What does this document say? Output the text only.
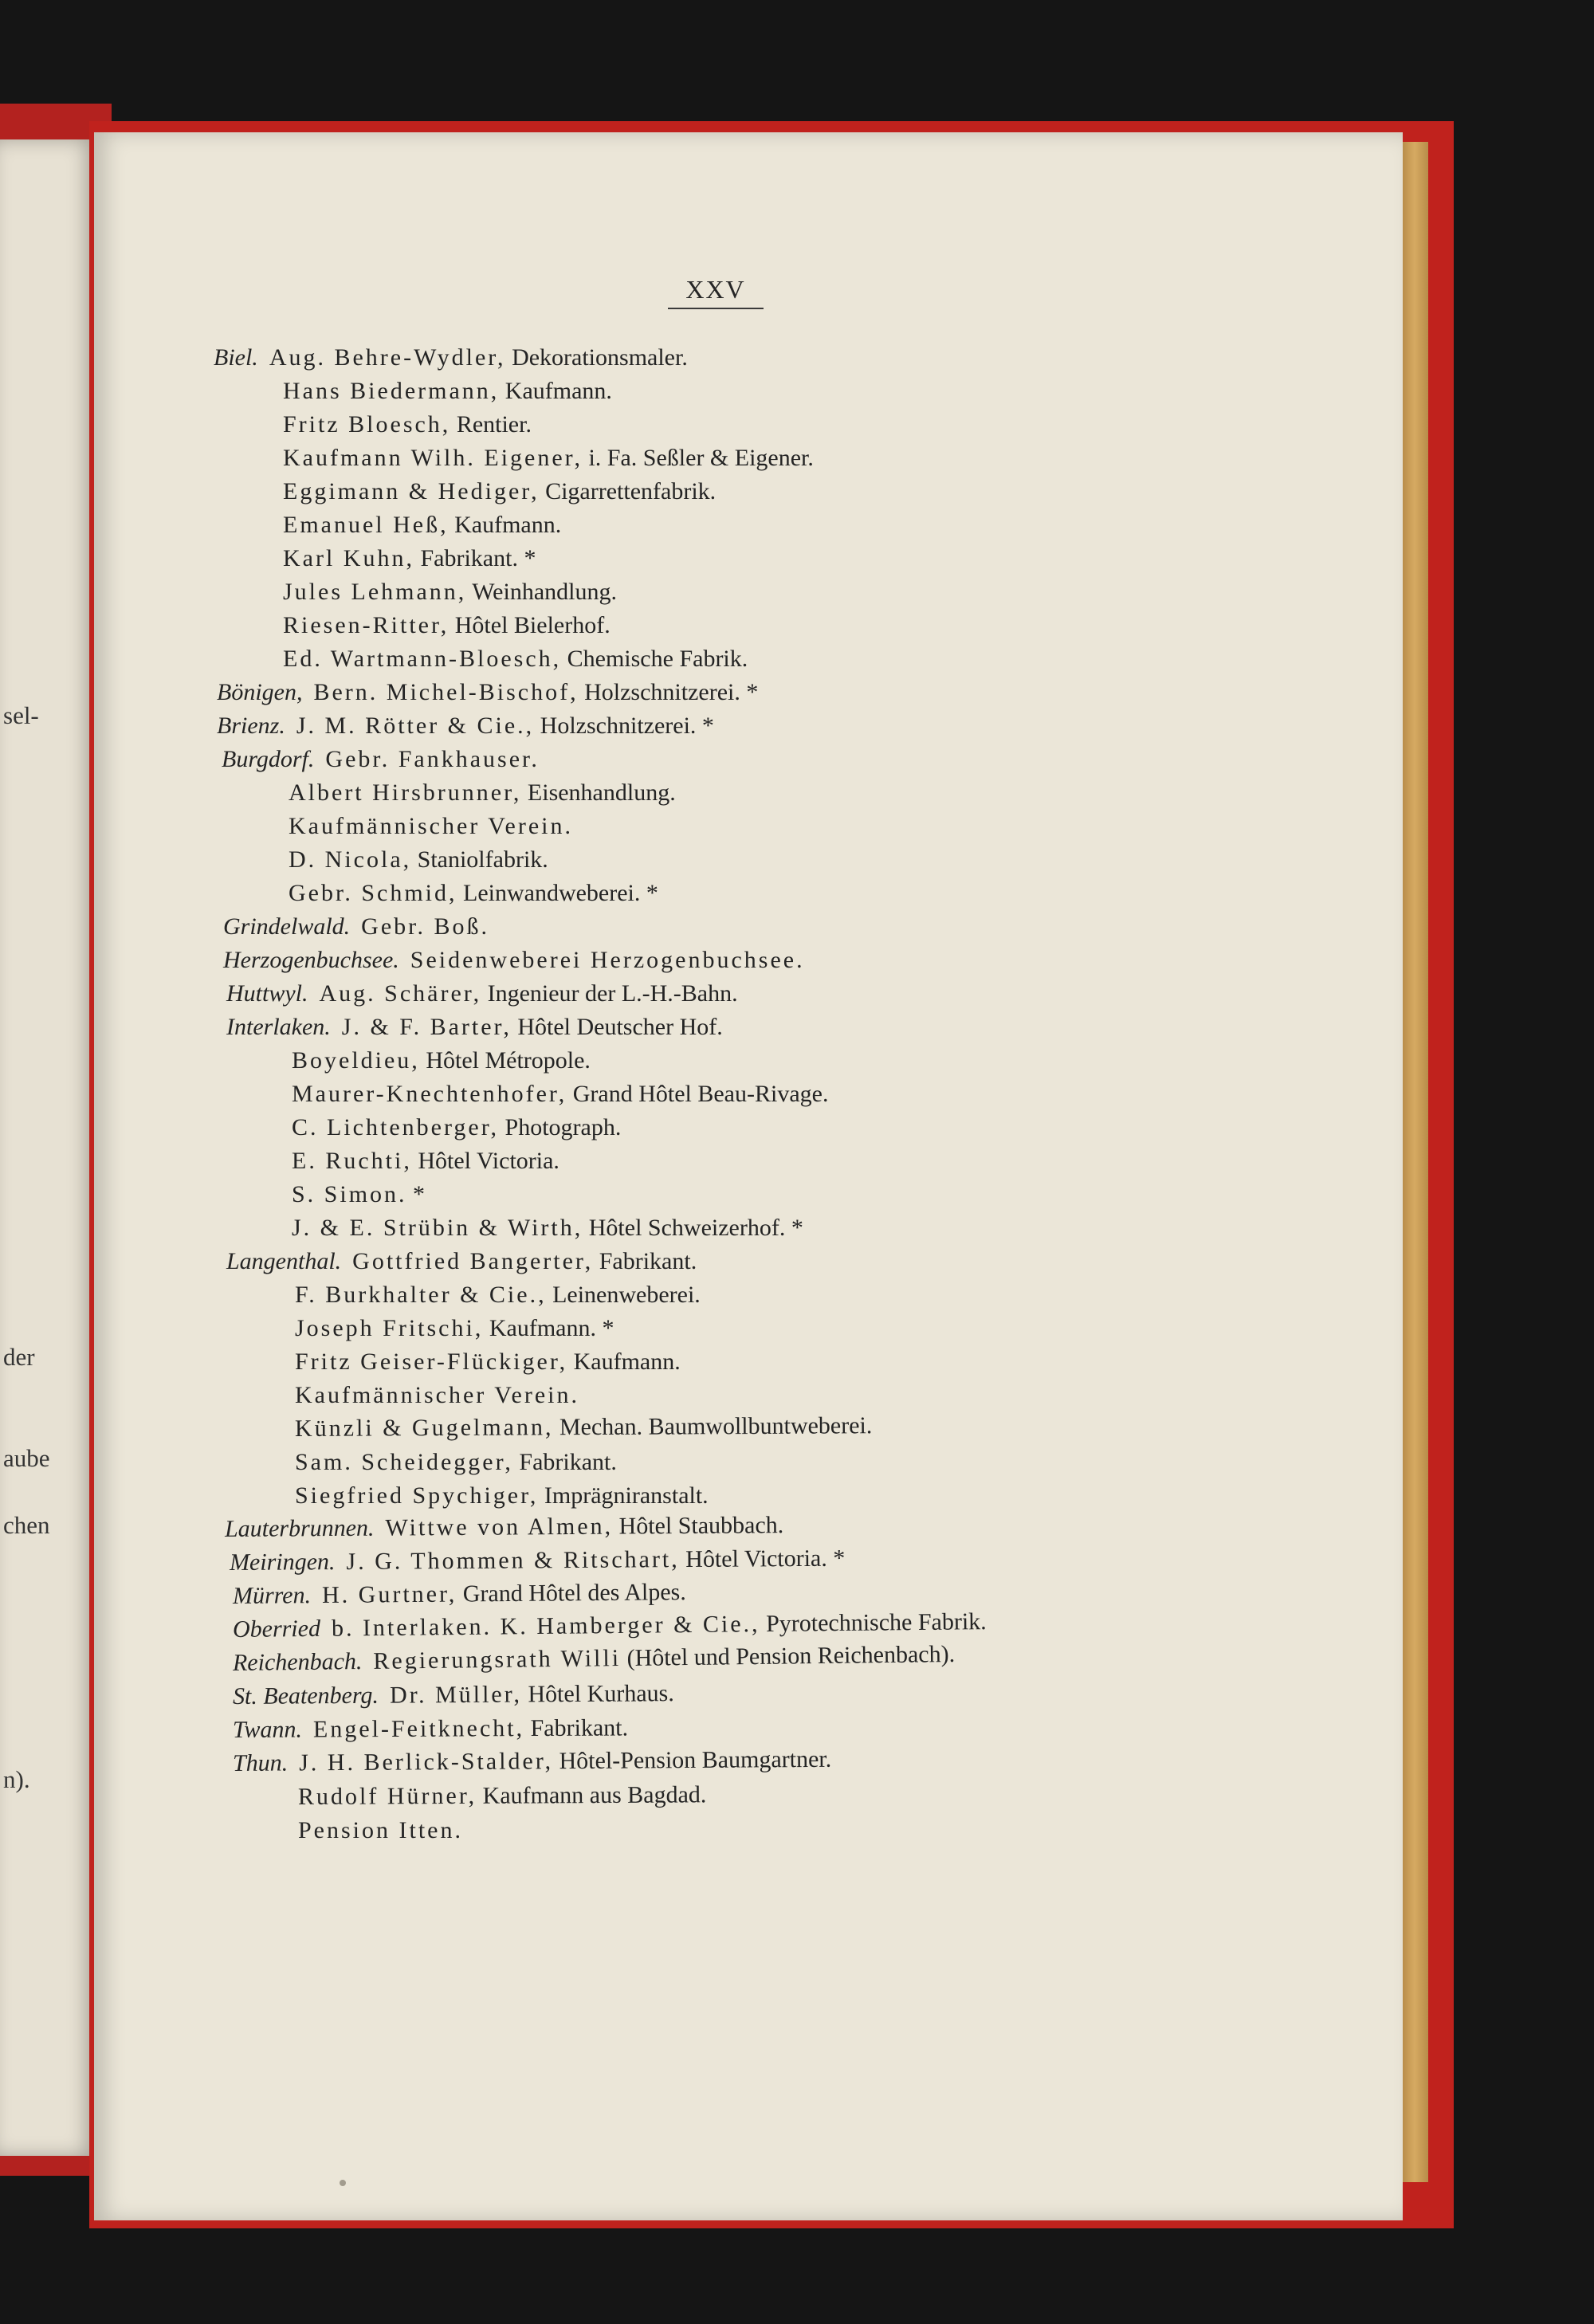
sel-
der
aube
chen
n).
XXV
Biel. Aug. Behre-Wydler, Dekorationsmaler.
Hans Biedermann, Kaufmann.
Fritz Bloesch, Rentier.
Kaufmann Wilh. Eigener, i. Fa. Seßler & Eigener.
Eggimann & Hediger, Cigarrettenfabrik.
Emanuel Heß, Kaufmann.
Karl Kuhn, Fabrikant. *
Jules Lehmann, Weinhandlung.
Riesen-Ritter, Hôtel Bielerhof.
Ed. Wartmann-Bloesch, Chemische Fabrik.
Bönigen, Bern. Michel-Bischof, Holzschnitzerei. *
Brienz. J. M. Rötter & Cie., Holzschnitzerei. *
Burgdorf. Gebr. Fankhauser.
Albert Hirsbrunner, Eisenhandlung.
Kaufmännischer Verein.
D. Nicola, Staniolfabrik.
Gebr. Schmid, Leinwandweberei. *
Grindelwald. Gebr. Boß.
Herzogenbuchsee. Seidenweberei Herzogenbuchsee.
Huttwyl. Aug. Schärer, Ingenieur der L.-H.-Bahn.
Interlaken. J. & F. Barter, Hôtel Deutscher Hof.
Boyeldieu, Hôtel Métropole.
Maurer-Knechtenhofer, Grand Hôtel Beau-Rivage.
C. Lichtenberger, Photograph.
E. Ruchti, Hôtel Victoria.
S. Simon. *
J. & E. Strübin & Wirth, Hôtel Schweizerhof. *
Langenthal. Gottfried Bangerter, Fabrikant.
F. Burkhalter & Cie., Leinenweberei.
Joseph Fritschi, Kaufmann. *
Fritz Geiser-Flückiger, Kaufmann.
Kaufmännischer Verein.
Künzli & Gugelmann, Mechan. Baumwollbuntweberei.
Sam. Scheidegger, Fabrikant.
Siegfried Spychiger, Imprägniranstalt.
Lauterbrunnen. Wittwe von Almen, Hôtel Staubbach.
Meiringen. J. G. Thommen & Ritschart, Hôtel Victoria. *
Mürren. H. Gurtner, Grand Hôtel des Alpes.
Oberried b. Interlaken. K. Hamberger & Cie., Pyrotechnische Fabrik.
Reichenbach. Regierungsrath Willi (Hôtel und Pension Reichenbach).
St. Beatenberg. Dr. Müller, Hôtel Kurhaus.
Twann. Engel-Feitknecht, Fabrikant.
Thun. J. H. Berlick-Stalder, Hôtel-Pension Baumgartner.
Rudolf Hürner, Kaufmann aus Bagdad.
Pension Itten.
